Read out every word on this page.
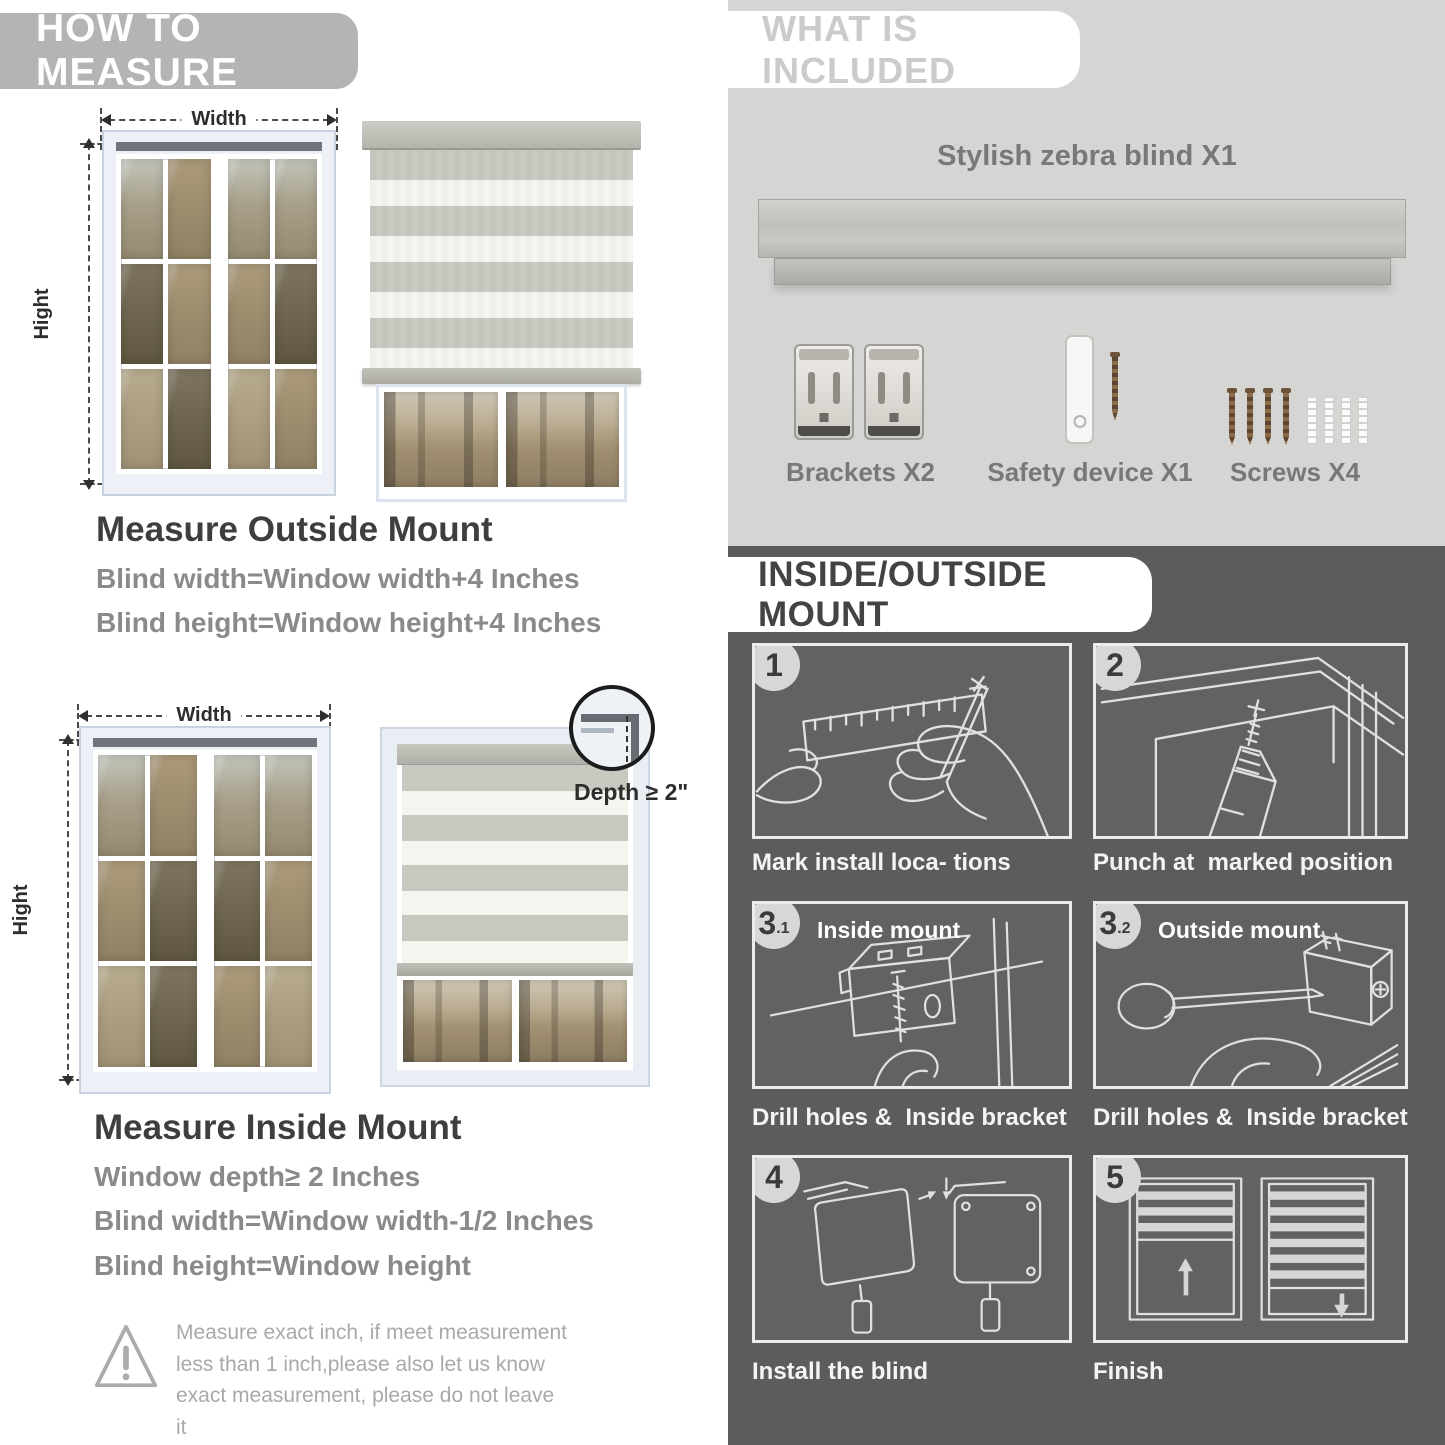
HOW TO MEASURE
Width
Hight
Measure Outside Mount
Blind width=Window width+4 Inches
Blind height=Window height+4 Inches
Width
Hight
Depth ≥ 2"
Measure Inside Mount
Window depth≥ 2 Inches
Blind width=Window width-1/2 Inches
Blind height=Window height
Measure exact inch, if meet measurement less than 1 inch,please also let us know exact measurement, please do not leave it
WHAT IS INCLUDED
Stylish zebra blind X1
Brackets X2	Safety device X1	Screws X4
INSIDE/OUTSIDE MOUNT
1
Mark install loca- tions
2
Punch at  marked position
3 .1 Inside mount
Drill holes &  Inside bracket
3 .2 Outside mount
Drill holes &  Inside bracket
4
Install the blind
5
Finish
